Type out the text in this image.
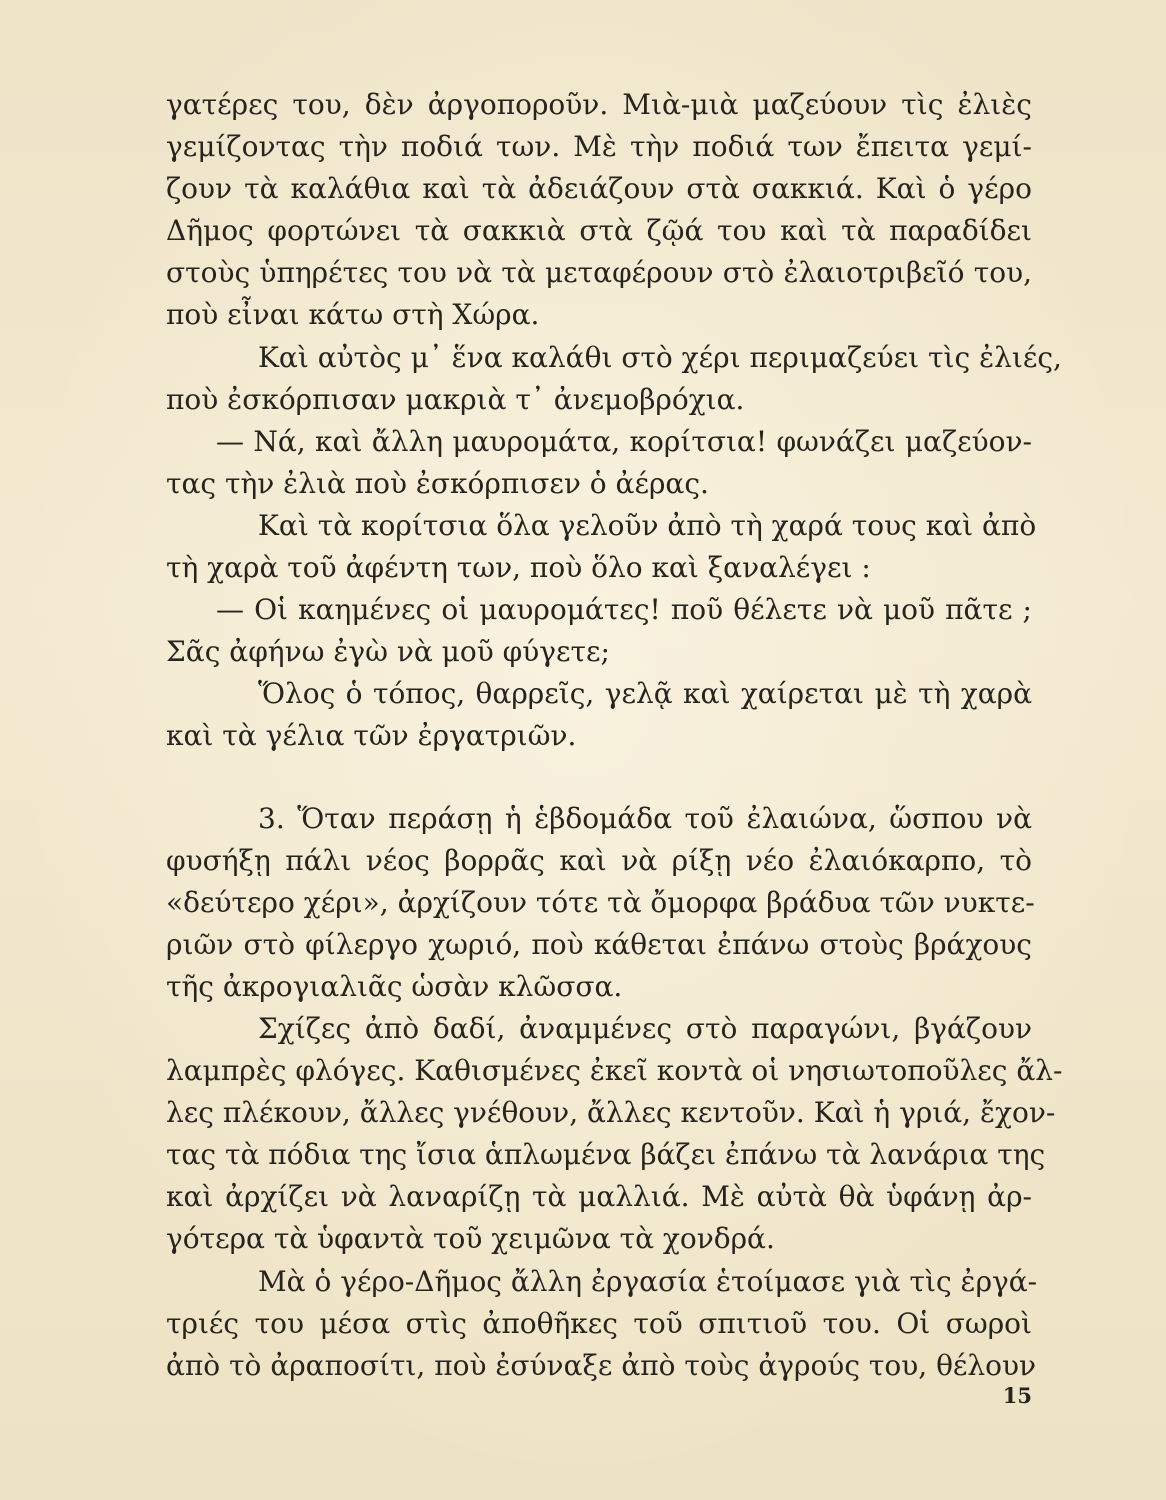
γατέρες του, δὲν ἀργοποροῦν. Μιὰ-μιὰ μαζεύουν τὶς ἐλιὲς
γεμίζοντας τὴν ποδιά των. Μὲ τὴν ποδιά των ἔπειτα γεμί-
ζουν τὰ καλάθια καὶ τὰ ἀδειάζουν στὰ σακκιά. Καὶ ὁ γέρο
Δῆμος φορτώνει τὰ σακκιὰ στὰ ζῷά του καὶ τὰ παραδίδει
στοὺς ὑπηρέτες του νὰ τὰ μεταφέρουν στὸ ἐλαιοτριβεῖό του,
ποὺ εἶναι κάτω στὴ Χώρα.
Καὶ αὐτὸς μ᾽ ἕνα καλάθι στὸ χέρι περιμαζεύει τὶς ἐλιές,
ποὺ ἐσκόρπισαν μακριὰ τ᾽ ἀνεμοβρόχια.
— Νά, καὶ ἄλλη μαυρομάτα, κορίτσια! φωνάζει μαζεύον-
τας τὴν ἐλιὰ ποὺ ἐσκόρπισεν ὁ ἀέρας.
Καὶ τὰ κορίτσια ὅλα γελοῦν ἀπὸ τὴ χαρά τους καὶ ἀπὸ
τὴ χαρὰ τοῦ ἀφέντη των, ποὺ ὅλο καὶ ξαναλέγει :
— Οἱ καημένες οἱ μαυρομάτες! ποῦ θέλετε νὰ μοῦ πᾶτε ;
Σᾶς ἀφήνω ἐγὼ νὰ μοῦ φύγετε;
Ὅλος ὁ τόπος, θαρρεῖς, γελᾷ καὶ χαίρεται μὲ τὴ χαρὰ
καὶ τὰ γέλια τῶν ἐργατριῶν.
3. Ὅταν περάσῃ ἡ ἑβδομάδα τοῦ ἐλαιώνα, ὥσπου νὰ
φυσήξῃ πάλι νέος βορρᾶς καὶ νὰ ρίξῃ νέο ἐλαιόκαρπο, τὸ
«δεύτερο χέρι», ἀρχίζουν τότε τὰ ὄμορφα βράδυα τῶν νυκτε-
ριῶν στὸ φίλεργο χωριό, ποὺ κάθεται ἐπάνω στοὺς βράχους
τῆς ἀκρογιαλιᾶς ὡσὰν κλῶσσα.
Σχίζες ἀπὸ δαδί, ἀναμμένες στὸ παραγώνι, βγάζουν
λαμπρὲς φλόγες. Καθισμένες ἐκεῖ κοντὰ οἱ νησιωτοποῦλες ἄλ-
λες πλέκουν, ἄλλες γνέθουν, ἄλλες κεντοῦν. Καὶ ἡ γριά, ἔχον-
τας τὰ πόδια της ἴσια ἁπλωμένα βάζει ἐπάνω τὰ λανάρια της
καὶ ἀρχίζει νὰ λαναρίζῃ τὰ μαλλιά. Μὲ αὐτὰ θὰ ὑφάνῃ ἀρ-
γότερα τὰ ὑφαντὰ τοῦ χειμῶνα τὰ χονδρά.
Μὰ ὁ γέρο-Δῆμος ἄλλη ἐργασία ἑτοίμασε γιὰ τὶς ἐργά-
τριές του μέσα στὶς ἀποθῆκες τοῦ σπιτιοῦ του. Οἱ σωροὶ
ἀπὸ τὸ ἀραποσίτι, ποὺ ἐσύναξε ἀπὸ τοὺς ἀγρούς του, θέλουν
15
